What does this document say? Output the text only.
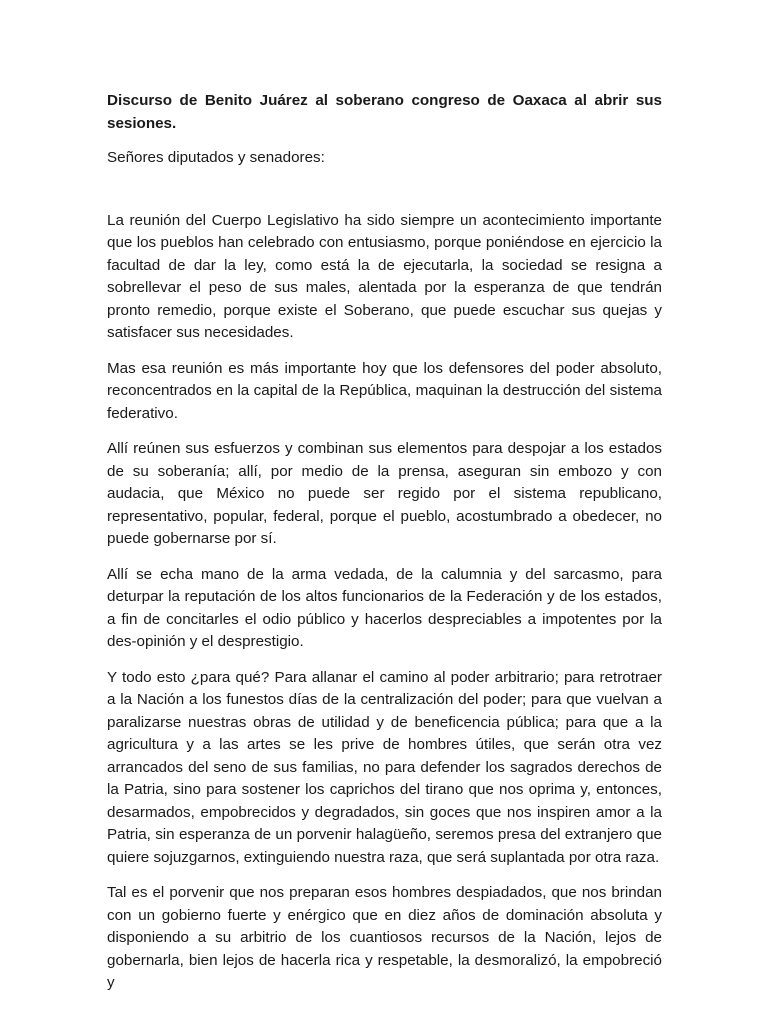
Discurso de Benito Juárez al soberano congreso de Oaxaca al abrir sus sesiones.

Señores diputados y senadores:

La reunión del Cuerpo Legislativo ha sido siempre un acontecimiento importante que los pueblos han celebrado con entusiasmo, porque poniéndose en ejercicio la facultad de dar la ley, como está la de ejecutarla, la sociedad se resigna a sobrellevar el peso de sus males, alentada por la esperanza de que tendrán pronto remedio, porque existe el Soberano, que puede escuchar sus quejas y satisfacer sus necesidades.

Mas esa reunión es más importante hoy que los defensores del poder absoluto, reconcentrados en la capital de la República, maquinan la destrucción del sistema federativo.

Allí reúnen sus esfuerzos y combinan sus elementos para despojar a los estados de su soberanía; allí, por medio de la prensa, aseguran sin embozo y con audacia, que México no puede ser regido por el sistema republicano, representativo, popular, federal, porque el pueblo, acostumbrado a obedecer, no puede gobernarse por sí.

Allí se echa mano de la arma vedada, de la calumnia y del sarcasmo, para deturpar la reputación de los altos funcionarios de la Federación y de los estados, a fin de concitarles el odio público y hacerlos despreciables a impotentes por la des-opinión y el desprestigio.

Y todo esto ¿para qué? Para allanar el camino al poder arbitrario; para retrotraer a la Nación a los funestos días de la centralización del poder; para que vuelvan a paralizarse nuestras obras de utilidad y de beneficencia pública; para que a la agricultura y a las artes se les prive de hombres útiles, que serán otra vez arrancados del seno de sus familias, no para defender los sagrados derechos de la Patria, sino para sostener los caprichos del tirano que nos oprima y, entonces, desarmados, empobrecidos y degradados, sin goces que nos inspiren amor a la Patria, sin esperanza de un porvenir halagüeño, seremos presa del extranjero que quiere sojuzgarnos, extinguiendo nuestra raza, que será suplantada por otra raza.

Tal es el porvenir que nos preparan esos hombres despiadados, que nos brindan con un gobierno fuerte y enérgico que en diez años de dominación absoluta y disponiendo a su arbitrio de los cuantiosos recursos de la Nación, lejos de gobernarla, bien lejos de hacerla rica y respetable, la desmoralizó, la empobreció y
